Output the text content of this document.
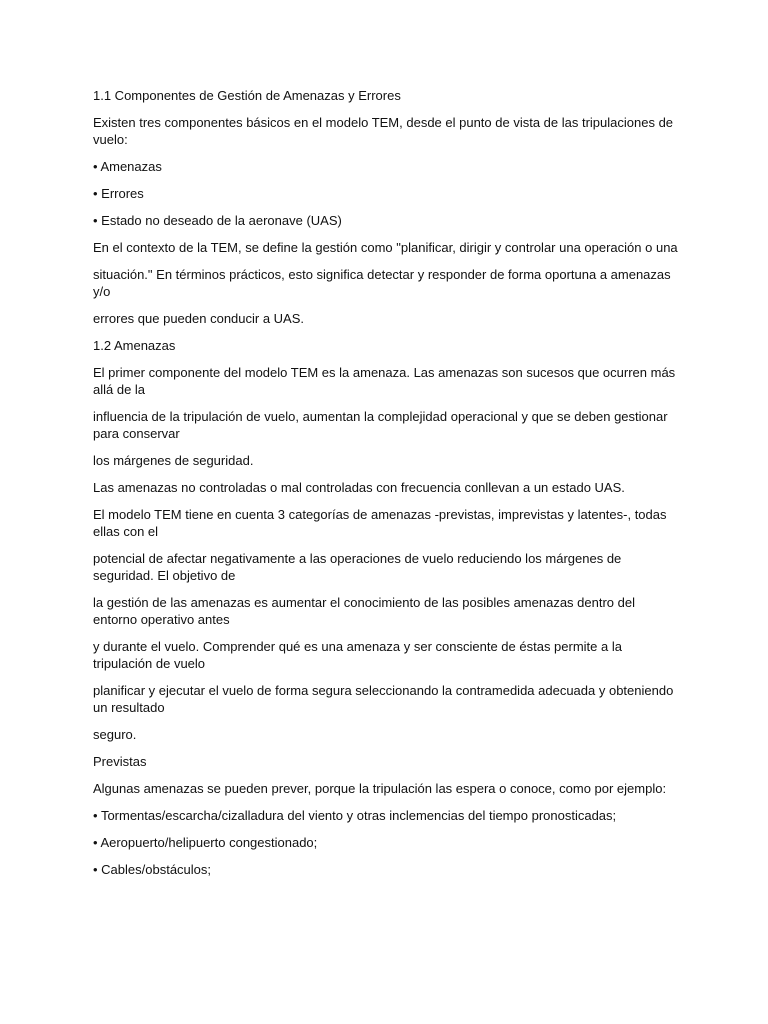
1.1 Componentes de Gestión de Amenazas y Errores

Existen tres componentes básicos en el modelo TEM, desde el punto de vista de las tripulaciones de vuelo:

• Amenazas

• Errores

• Estado no deseado de la aeronave (UAS)

En el contexto de la TEM, se define la gestión como "planificar, dirigir y controlar una operación o una

situación." En términos prácticos, esto significa detectar y responder de forma oportuna a amenazas y/o

errores que pueden conducir a UAS.

1.2 Amenazas

El primer componente del modelo TEM es la amenaza. Las amenazas son sucesos que ocurren más allá de la

influencia de la tripulación de vuelo, aumentan la complejidad operacional y que se deben gestionar para conservar

los márgenes de seguridad.

Las amenazas no controladas o mal controladas con frecuencia conllevan a un estado UAS.

El modelo TEM tiene en cuenta 3 categorías de amenazas -previstas, imprevistas y latentes-, todas ellas con el

potencial de afectar negativamente a las operaciones de vuelo reduciendo los márgenes de seguridad. El objetivo de

la gestión de las amenazas es aumentar el conocimiento de las posibles amenazas dentro del entorno operativo antes

y durante el vuelo. Comprender qué es una amenaza y ser consciente de éstas permite a la tripulación de vuelo

planificar y ejecutar el vuelo de forma segura seleccionando la contramedida adecuada y obteniendo un resultado

seguro.

Previstas

Algunas amenazas se pueden prever, porque la tripulación las espera o conoce, como por ejemplo:

• Tormentas/escarcha/cizalladura del viento y otras inclemencias del tiempo pronosticadas;

• Aeropuerto/helipuerto congestionado;

• Cables/obstáculos;
